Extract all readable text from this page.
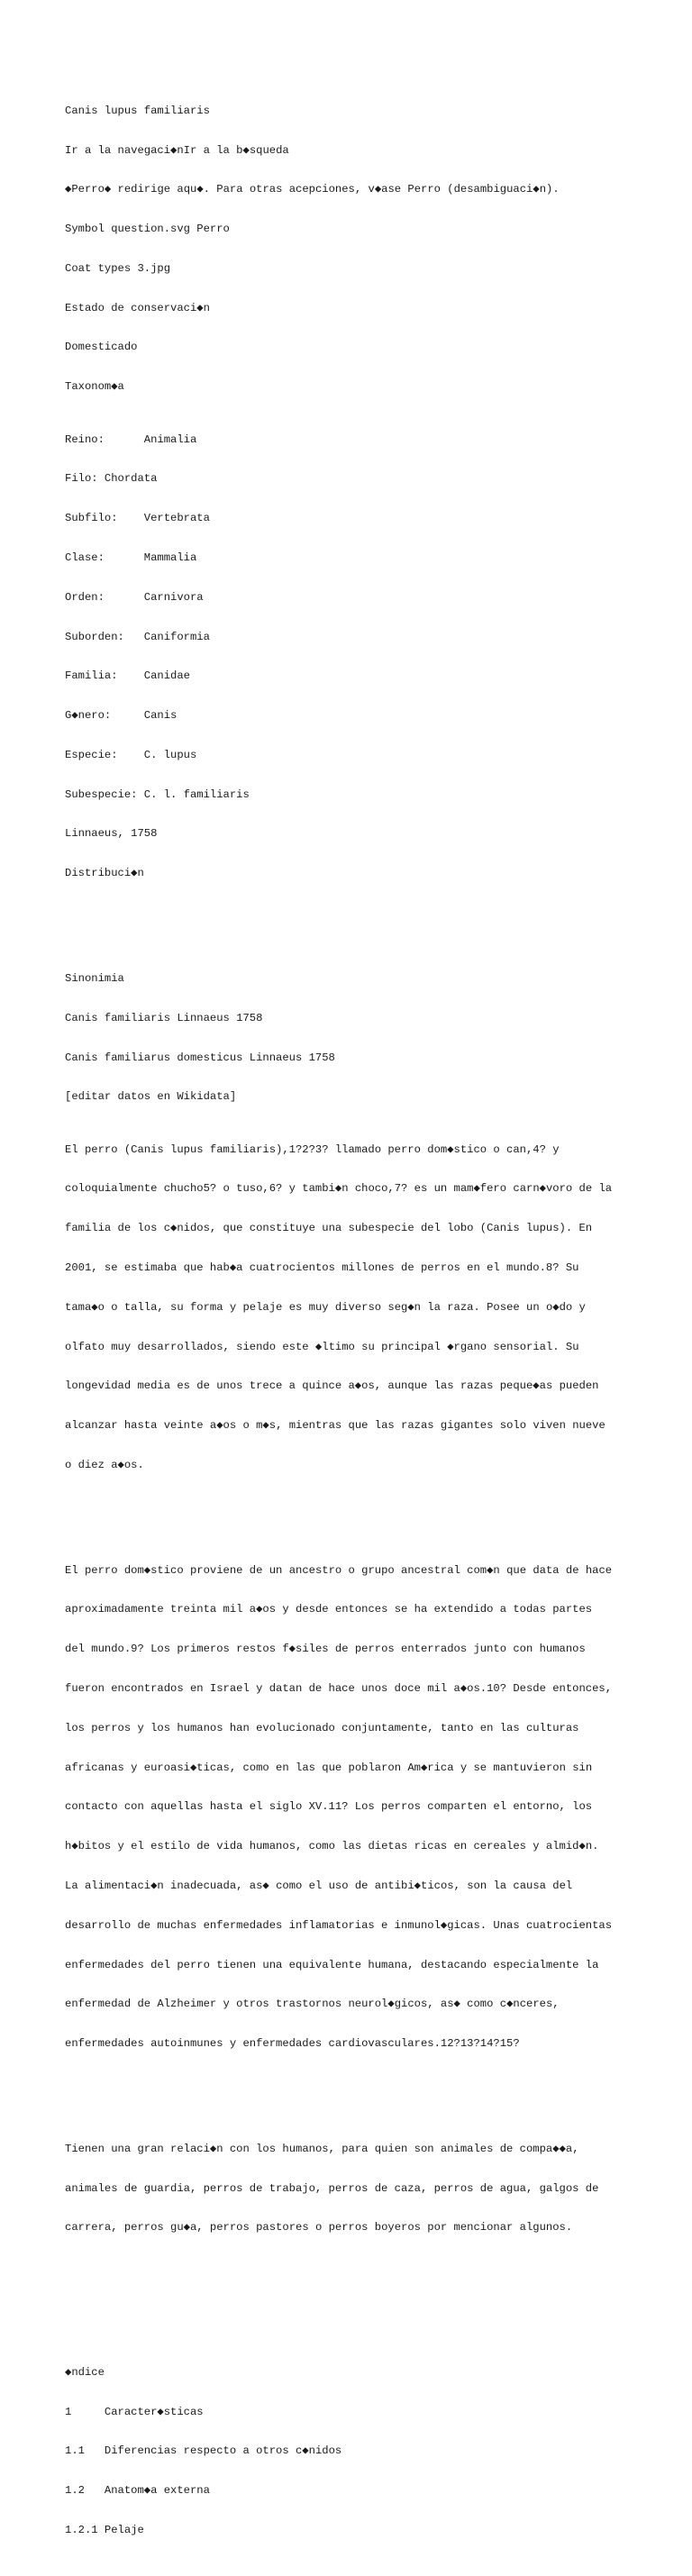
Canis lupus familiaris

Ir a la navegaci◆nIr a la b◆squeda

◆Perro◆ redirige aqu◆. Para otras acepciones, v◆ase Perro (desambiguaci◆n).

Symbol question.svg Perro

Coat types 3.jpg

Estado de conservaci◆n

Domesticado

Taxonom◆a

Reino:      Animalia

Filo: Chordata

Subfilo:    Vertebrata

Clase:      Mammalia

Orden:      Carnivora

Suborden:   Caniformia

Familia:    Canidae

G◆nero:     Canis

Especie:    C. lupus

Subespecie: C. l. familiaris

Linnaeus, 1758

Distribuci◆n

Sinonimia

Canis familiaris Linnaeus 1758

Canis familiarus domesticus Linnaeus 1758

[editar datos en Wikidata]

El perro (Canis lupus familiaris),1?2?3? llamado perro dom◆stico o can,4? y

coloquialmente chucho5? o tuso,6? y tambi◆n choco,7? es un mam◆fero carn◆voro de la

familia de los c◆nidos, que constituye una subespecie del lobo (Canis lupus). En

2001, se estimaba que hab◆a cuatrocientos millones de perros en el mundo.8? Su

tama◆o o talla, su forma y pelaje es muy diverso seg◆n la raza. Posee un o◆do y

olfato muy desarrollados, siendo este ◆ltimo su principal ◆rgano sensorial. Su

longevidad media es de unos trece a quince a◆os, aunque las razas peque◆as pueden

alcanzar hasta veinte a◆os o m◆s, mientras que las razas gigantes solo viven nueve

o diez a◆os.

El perro dom◆stico proviene de un ancestro o grupo ancestral com◆n que data de hace

aproximadamente treinta mil a◆os y desde entonces se ha extendido a todas partes

del mundo.9? Los primeros restos f◆siles de perros enterrados junto con humanos

fueron encontrados en Israel y datan de hace unos doce mil a◆os.10? Desde entonces,

los perros y los humanos han evolucionado conjuntamente, tanto en las culturas

africanas y euroasi◆ticas, como en las que poblaron Am◆rica y se mantuvieron sin

contacto con aquellas hasta el siglo XV.11? Los perros comparten el entorno, los

h◆bitos y el estilo de vida humanos, como las dietas ricas en cereales y almid◆n.

La alimentaci◆n inadecuada, as◆ como el uso de antibi◆ticos, son la causa del

desarrollo de muchas enfermedades inflamatorias e inmunol◆gicas. Unas cuatrocientas

enfermedades del perro tienen una equivalente humana, destacando especialmente la

enfermedad de Alzheimer y otros trastornos neurol◆gicos, as◆ como c◆nceres,

enfermedades autoinmunes y enfermedades cardiovasculares.12?13?14?15?

Tienen una gran relaci◆n con los humanos, para quien son animales de compa◆◆a,

animales de guardia, perros de trabajo, perros de caza, perros de agua, galgos de

carrera, perros gu◆a, perros pastores o perros boyeros por mencionar algunos.

◆ndice

1     Caracter◆sticas

1.1   Diferencias respecto a otros c◆nidos

1.2   Anatom◆a externa

1.2.1 Pelaje
